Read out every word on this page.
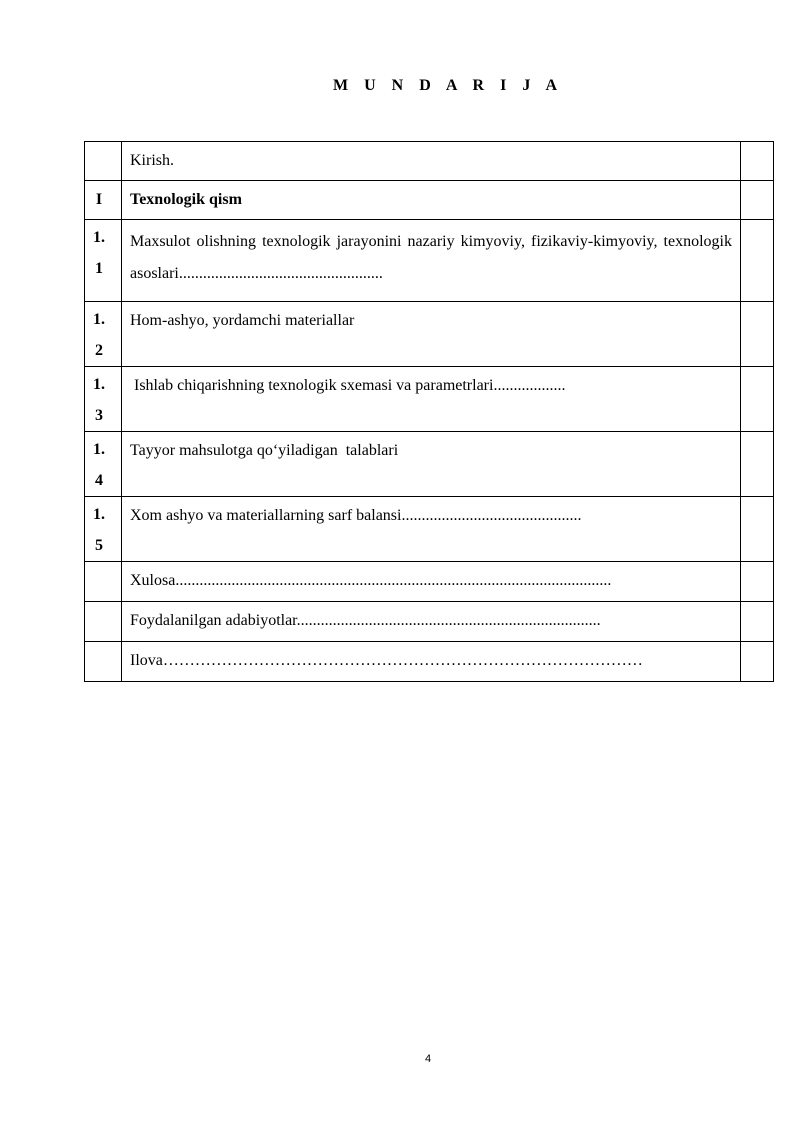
M U N D A R I J A
	Kirish.	

I	Texnologik qism	

1.
1	Maxsulot olishning texnologik jarayonini nazariy kimyoviy, fizikaviy-kimyoviy, texnologik asoslari...................................................	

1.
2	Hom-ashyo, yordamchi materiallar	

1.
3	Ishlab chiqarishning texnologik sxemasi va parametrlari..................	

1.
4	Tayyor mahsulotga qo‘yiladigan  talablari	

1.
5	Xom ashyo va materiallarning sarf balansi.............................................	
	Xulosa.............................................................................................................	
	Foydalanilgan adabiyotlar............................................................................	
	Ilova………………………………………………………………………………	
4
